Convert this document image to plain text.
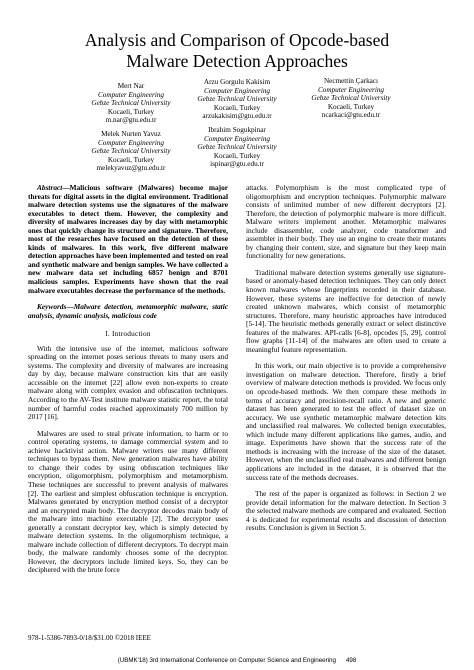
Analysis and Comparison of Opcode-based
Malware Detection Approaches
Mert Nar
Computer Engineering
Gebze Technical University
Kocaeli, Turkey
m.nar@gtu.edu.tr
Arzu Gorgulu Kakisim
Computer Engineering
Gebze Technical University
Kocaeli, Turkey
arzukakisim@gtu.edu.tr
Necmettin Çarkacı
Computer Engineering
Gebze Technical University
Kocaeli, Turkey
ncarkaci@gtu.edu.tr
Melek Nurten Yavuz
Computer Engineering
Gebze Technical University
Kocaeli, Turkey
melekyavuz@gtu.edu.tr
Ibrahim Sogukpinar
Computer Engineering
Gebze Technical University
Kocaeli, Turkey
ispinar@gtu.edu.tr

Abstract—Malicious software (Malwares) become major threats for digital assets in the digital environment. Traditional malware detection systems use the signatures of the malware executables to detect them. However, the complexity and diversity of malwares increases day by day with metamorphic ones that quickly change its structure and signature. Therefore, most of the researches have focused on the detection of these kinds of malwares. In this work, five different malware detection approaches have been implemented and tested on real and synthetic malware and benign samples. We have collected a new malware data set including 6857 benign and 8701 malicious samples. Experiments have shown that the real malware executables decrease the performance of the methods.

Keywords—Malware detection, metamorphic malware, static analysis, dynamic analysis, malicious code

I. Introduction

With the intensive use of the internet, malicious software spreading on the internet poses serious threats to many users and systems. The complexity and diversity of malwares are increasing day by day, because malware construction kits that are easily accessible on the internet [22] allow even non-experts to create malware along with complex evasion and obfuscation techniques. According to the AV-Test institute malware statistic report, the total number of harmful codes reached approximately 700 million by 2017 [16].

Malwares are used to steal private information, to harm or to control operating systems, to damage commercial system and to achieve hacktivist action. Malware writers use many different techniques to bypass them. New generation malwares have ability to change their codes by using obfuscation techniques like encryption, oligomorphism, polymorphism and metamorphism. These techniques are successful to prevent analysis of malwares [2]. The earliest and simplest obfuscation technique is encryption. Malwares generated by encryption method consist of a decryptor and an encrypted main body. The decryptor decodes main body of the malware into machine executable [2]. The decryptor uses generally a constant decryptor key, which is simply detected by malware detection systems. In the oligomorphism technique, a malware include collection of different decryptors. To decrypt main body, the malware randomly chooses some of the decryptor. However, the decryptors include limited keys. So, they can be deciphered with the brute force

attacks. Polymorphism is the most complicated type of oligomorphism and encryption techniques. Polymorphic malware consists of unlimited number of new different decryptors [2]. Therefore, the detection of polymorphic malware is more difficult. Malware writers implement another. Metamorphic malwares include disassembler, code analyzer, code transformer and assembler in their body. They use an engine to create their mutants by changing their content, size, and signature but they keep main functionality for new generations.

Traditional malware detection systems generally use signature-based or anomaly-based detection techniques. They can only detect known malwares whose fingerprints recorded in their database. However, these systems are ineffective for detection of newly created unknown malwares, which consist of metamorphic structures. Therefore, many heuristic approaches have introduced [5-14]. The heuristic methods generally extract or select distinctive features of the malwares. API-calls [6-8], opcodes [5, 29], control flow graphs [11-14] of the malwares are often used to create a meaningful feature representation.

In this work, our main objective is to provide a comprehensive investigation on malware detection. Therefore, firstly a brief overview of malware detection methods is provided. We focus only on opcode-based methods. We then compare these methods in terms of accuracy and precision-recall ratio. A new and generic dataset has been generated to test the effect of dataset size on accuracy. We use synthetic metamorphic malware detection kits and unclassified real malwares. We collected benign executables, which include many different applications like games, audio, and image. Experiments have shown that the success rate of the methods is increasing with the increase of the size of the dataset. However, when the unclassified real malwares and different benign applications are included in the dataset, it is observed that the success rate of the methods decreases.

The rest of the paper is organized as follows: in Section 2 we provide detail information for the malware detection. In Section 3 the selected malware methods are compared and evaluated. Section 4 is dedicated for experimental results and discussion of detection results. Conclusion is given in Section 5.

978-1-5386-7893-0/18/$31.00 ©2018 IEEE
(UBMK'18) 3rd International Conference on Computer Science and Engineering 498
